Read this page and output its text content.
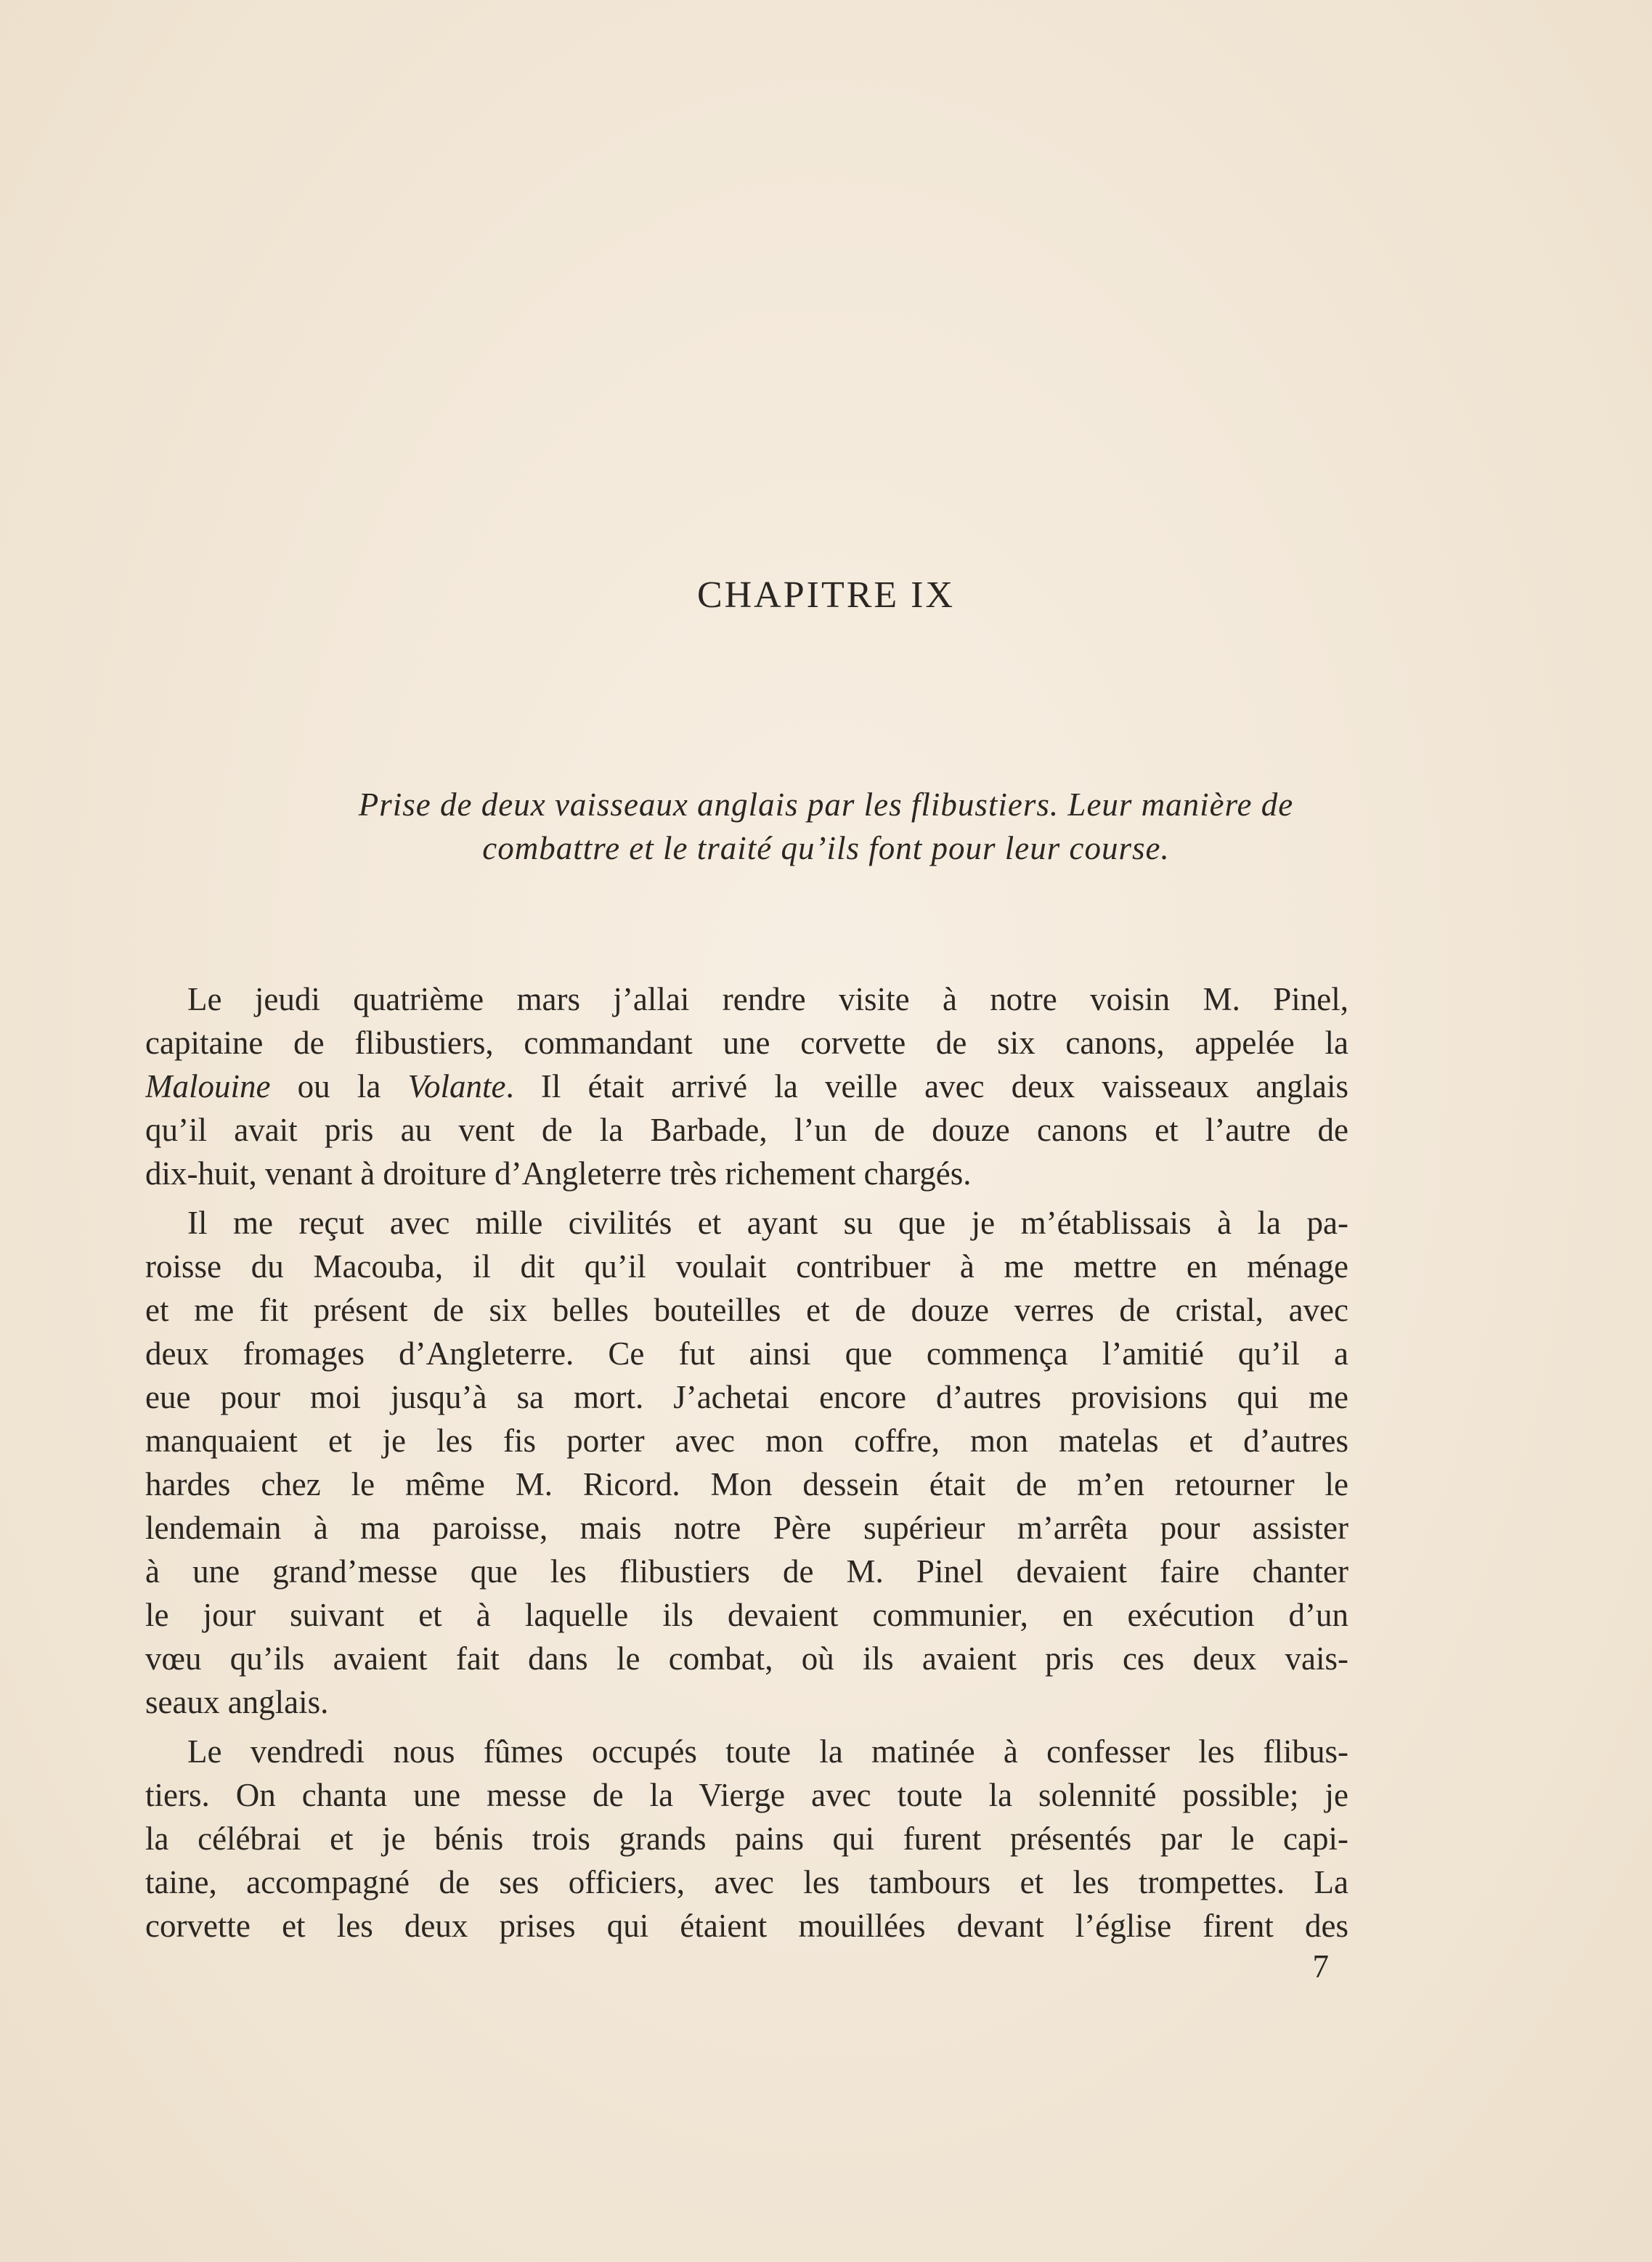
CHAPITRE IX
Prise de deux vaisseaux anglais par les flibustiers. Leur manière de
combattre et le traité qu’ils font pour leur course.

Le jeudi quatrième mars j’allai rendre visite à notre voisin M. Pinel,
capitaine de flibustiers, commandant une corvette de six canons, appelée la
Malouine ou la Volante. Il était arrivé la veille avec deux vaisseaux anglais
qu’il avait pris au vent de la Barbade, l’un de douze canons et l’autre de
dix-huit, venant à droiture d’Angleterre très richement chargés.

Il me reçut avec mille civilités et ayant su que je m’établissais à la pa-
roisse du Macouba, il dit qu’il voulait contribuer à me mettre en ménage
et me fit présent de six belles bouteilles et de douze verres de cristal, avec
deux fromages d’Angleterre. Ce fut ainsi que commença l’amitié qu’il a
eue pour moi jusqu’à sa mort. J’achetai encore d’autres provisions qui me
manquaient et je les fis porter avec mon coffre, mon matelas et d’autres
hardes chez le même M. Ricord. Mon dessein était de m’en retourner le
lendemain à ma paroisse, mais notre Père supérieur m’arrêta pour assister
à une grand’messe que les flibustiers de M. Pinel devaient faire chanter
le jour suivant et à laquelle ils devaient communier, en exécution d’un
vœu qu’ils avaient fait dans le combat, où ils avaient pris ces deux vais-
seaux anglais.

Le vendredi nous fûmes occupés toute la matinée à confesser les flibus-
tiers. On chanta une messe de la Vierge avec toute la solennité possible; je
la célébrai et je bénis trois grands pains qui furent présentés par le capi-
taine, accompagné de ses officiers, avec les tambours et les trompettes. La
corvette et les deux prises qui étaient mouillées devant l’église firent des

7
